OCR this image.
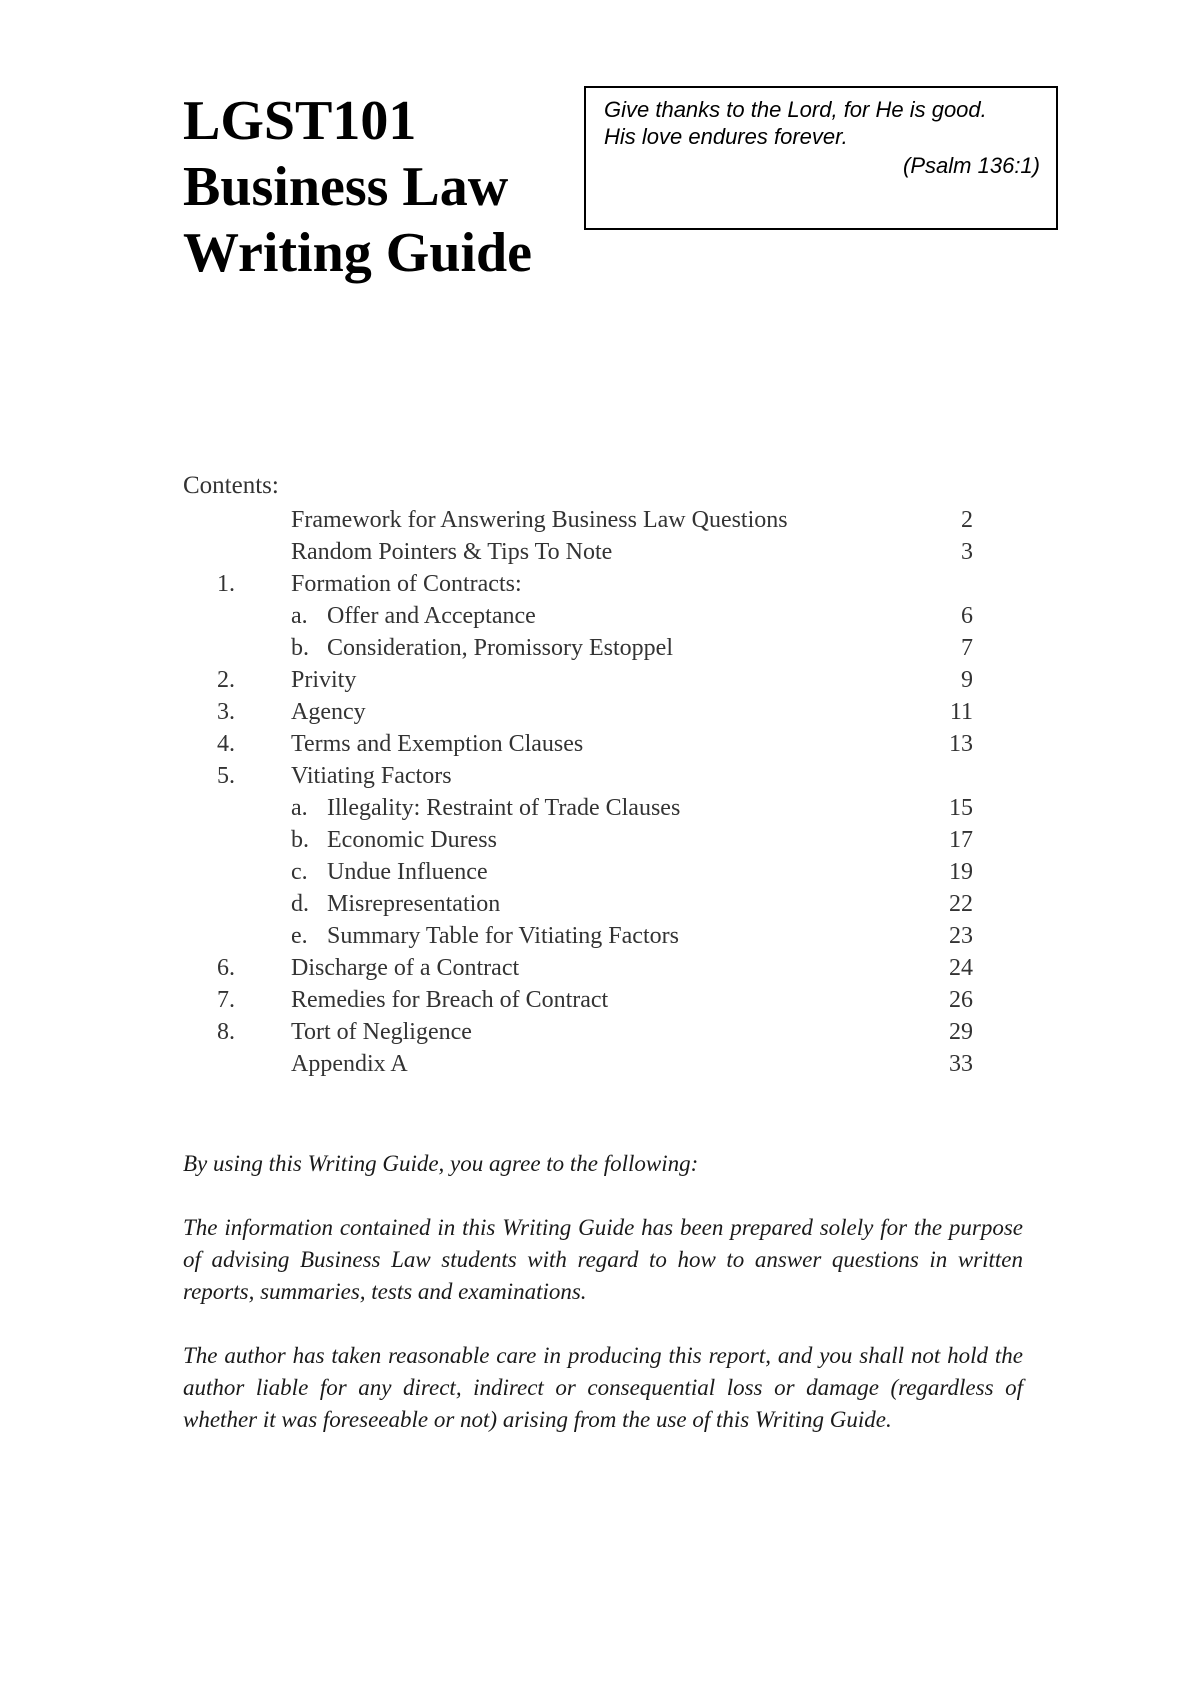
LGST101
Business Law
Writing Guide
Give thanks to the Lord, for He is good.
His love endures forever.
(Psalm 136:1)
Contents:
Framework for Answering Business Law Questions	2
Random Pointers & Tips To Note	3
1. Formation of Contracts:
a. Offer and Acceptance	6
b. Consideration, Promissory Estoppel	7
2. Privity	9
3. Agency	11
4. Terms and Exemption Clauses	13
5. Vitiating Factors
a. Illegality: Restraint of Trade Clauses	15
b. Economic Duress	17
c. Undue Influence	19
d. Misrepresentation	22
e. Summary Table for Vitiating Factors	23
6. Discharge of a Contract	24
7. Remedies for Breach of Contract	26
8. Tort of Negligence	29
Appendix A	33

By using this Writing Guide, you agree to the following:

The information contained in this Writing Guide has been prepared solely for the purpose of advising Business Law students with regard to how to answer questions in written reports, summaries, tests and examinations.

The author has taken reasonable care in producing this report, and you shall not hold the author liable for any direct, indirect or consequential loss or damage (regardless of whether it was foreseeable or not) arising from the use of this Writing Guide.
